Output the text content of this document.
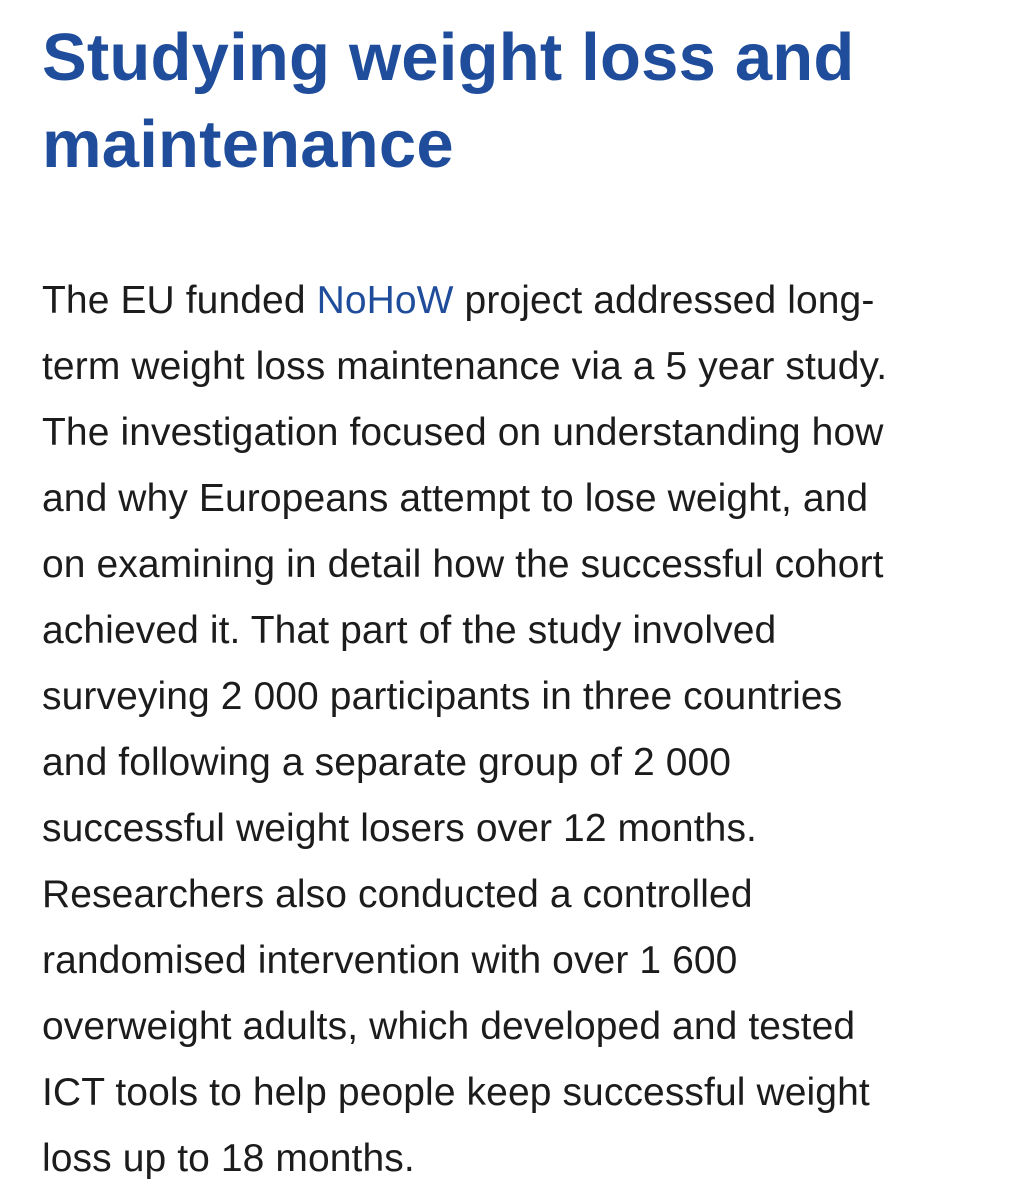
Studying weight loss and
maintenance

The EU funded NoHoW project addressed long-
term weight loss maintenance via a 5 year study.
The investigation focused on understanding how
and why Europeans attempt to lose weight, and
on examining in detail how the successful cohort
achieved it. That part of the study involved
surveying 2 000 participants in three countries
and following a separate group of 2 000
successful weight losers over 12 months.
Researchers also conducted a controlled
randomised intervention with over 1 600
overweight adults, which developed and tested
ICT tools to help people keep successful weight
loss up to 18 months.
